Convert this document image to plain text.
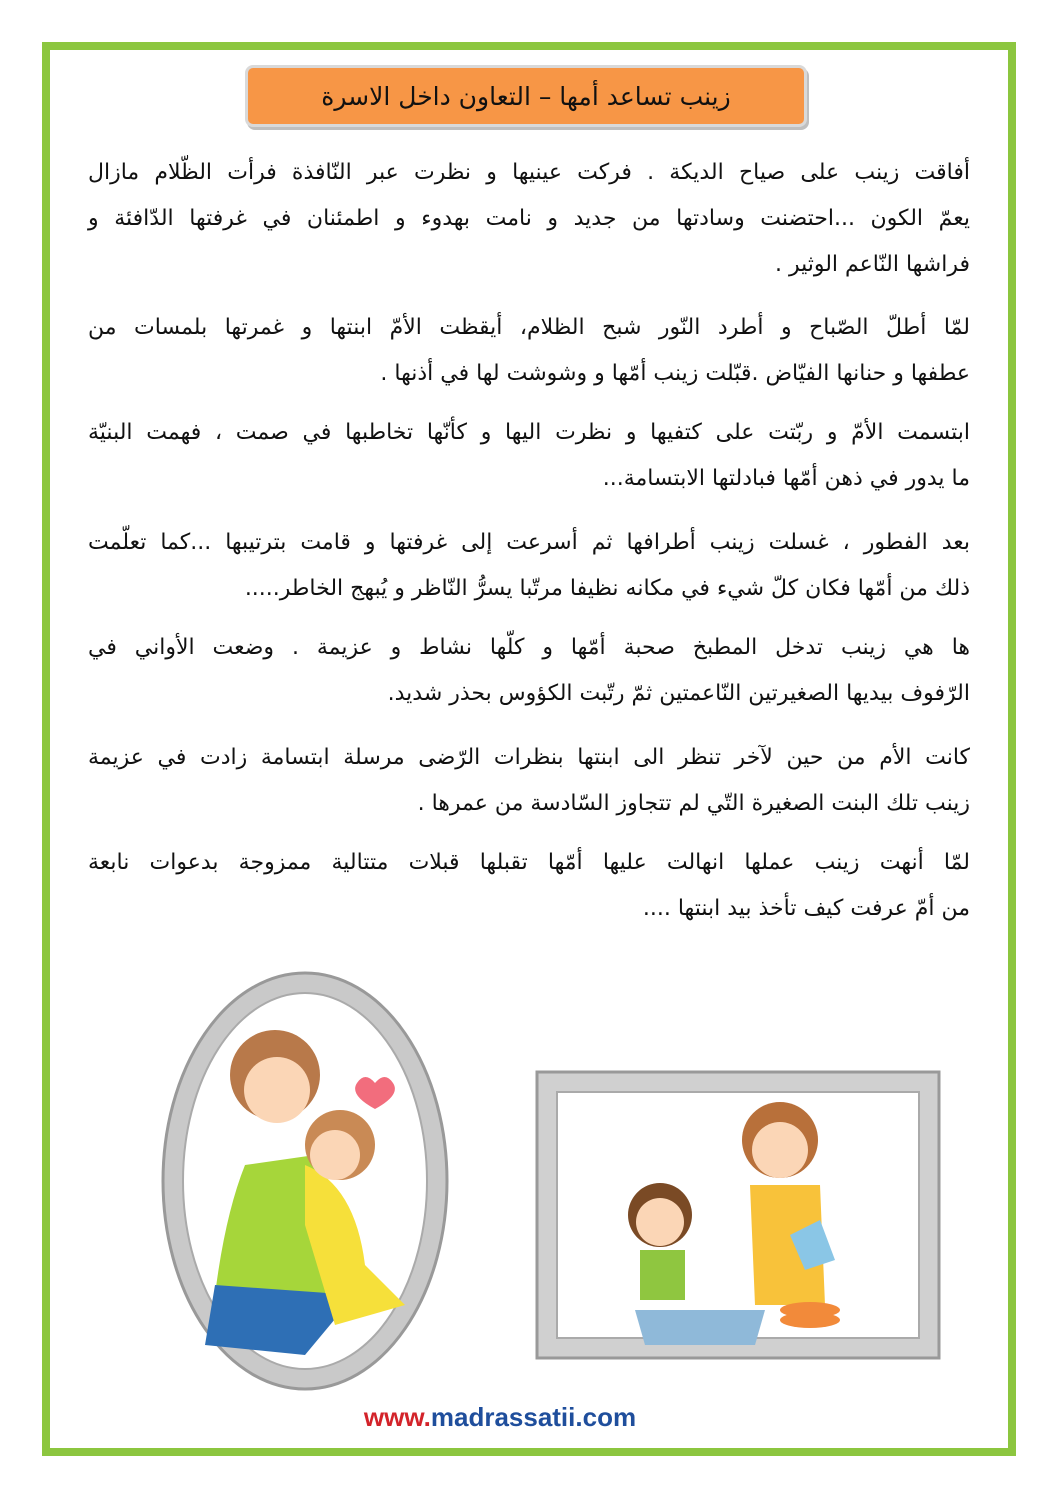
زينب تساعد أمها – التعاون داخل الاسرة
أفاقت زينب على صياح الديكة . فركت عينيها و نظرت عبر النّافذة فرأت الظّلام مازال
يعمّ الكون ...احتضنت وسادتها من جديد و نامت بهدوء و اطمئنان في غرفتها الدّافئة و
فراشها النّاعم الوثير .
لمّا أطلّ الصّباح و أطرد النّور شبح الظلام، أيقظت الأمّ ابنتها و غمرتها بلمسات من
عطفها و حنانها الفيّاض .قبّلت زينب أمّها و وشوشت لها في أذنها .
ابتسمت الأمّ و ربّتت على كتفيها و نظرت اليها و كأنّها تخاطبها في صمت ، فهمت البنيّة
ما يدور في ذهن أمّها فبادلتها الابتسامة...
بعد الفطور ، غسلت زينب أطرافها ثم أسرعت إلى غرفتها و قامت بترتيبها ...كما تعلّمت
ذلك من أمّها فكان كلّ شيء في مكانه نظيفا مرتّبا يسرُّ النّاظر و يُبهج الخاطر.....
ها هي زينب تدخل المطبخ صحبة أمّها و كلّها نشاط و عزيمة . وضعت الأواني في
الرّفوف بيديها الصغيرتين النّاعمتين ثمّ رتّبت الكؤوس بحذر شديد.
كانت الأم من حين لآخر تنظر الى ابنتها بنظرات الرّضى مرسلة ابتسامة زادت في عزيمة
زينب تلك البنت الصغيرة التّي لم تتجاوز السّادسة من عمرها .
لمّا أنهت زينب عملها انهالت عليها أمّها تقبلها قبلات متتالية ممزوجة بدعوات نابعة
من أمّ عرفت كيف تأخذ بيد ابنتها ....
www.madrassatii.com
